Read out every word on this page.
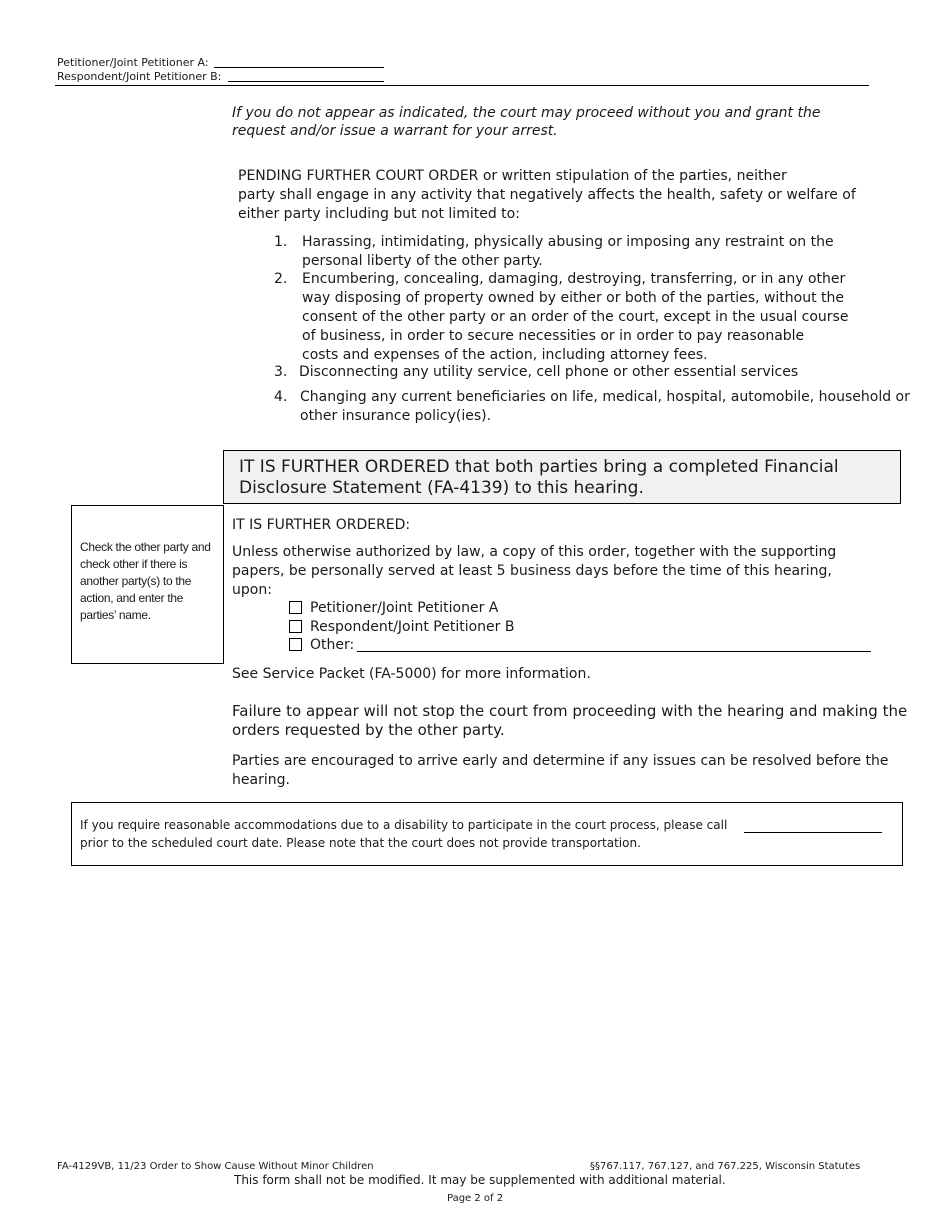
Petitioner/Joint Petitioner A:
Respondent/Joint Petitioner B:
If you do not appear as indicated, the court may proceed without you and grant the request and/or issue a warrant for your arrest.
PENDING FURTHER COURT ORDER or written stipulation of the parties, neither
party shall engage in any activity that negatively affects the health, safety or welfare of
either party including but not limited to:
1. Harassing, intimidating, physically abusing or imposing any restraint on the
personal liberty of the other party.
2. Encumbering, concealing, damaging, destroying, transferring, or in any other
way disposing of property owned by either or both of the parties, without the
consent of the other party or an order of the court, except in the usual course
of business, in order to secure necessities or in order to pay reasonable
costs and expenses of the action, including attorney fees.
3. Disconnecting any utility service, cell phone or other essential services
4. Changing any current beneficiaries on life, medical, hospital, automobile, household or
other insurance policy(ies).
IT IS FURTHER ORDERED that both parties bring a completed Financial
Disclosure Statement (FA-4139) to this hearing.
Check the other party and check other if there is another party(s) to the action, and enter the parties’ name.
IT IS FURTHER ORDERED:
Unless otherwise authorized by law, a copy of this order, together with the supporting
papers, be personally served at least 5 business days before the time of this hearing,
upon:
Petitioner/Joint Petitioner A
Respondent/Joint Petitioner B
Other:
See Service Packet (FA-5000) for more information.
Failure to appear will not stop the court from proceeding with the hearing and making the
orders requested by the other party.
Parties are encouraged to arrive early and determine if any issues can be resolved before the
hearing.
If you require reasonable accommodations due to a disability to participate in the court process, please call
prior to the scheduled court date. Please note that the court does not provide transportation.
FA-4129VB, 11/23 Order to Show Cause Without Minor Children	§§767.117, 767.127, and 767.225, Wisconsin Statutes
This form shall not be modified. It may be supplemented with additional material.
Page 2 of 2
